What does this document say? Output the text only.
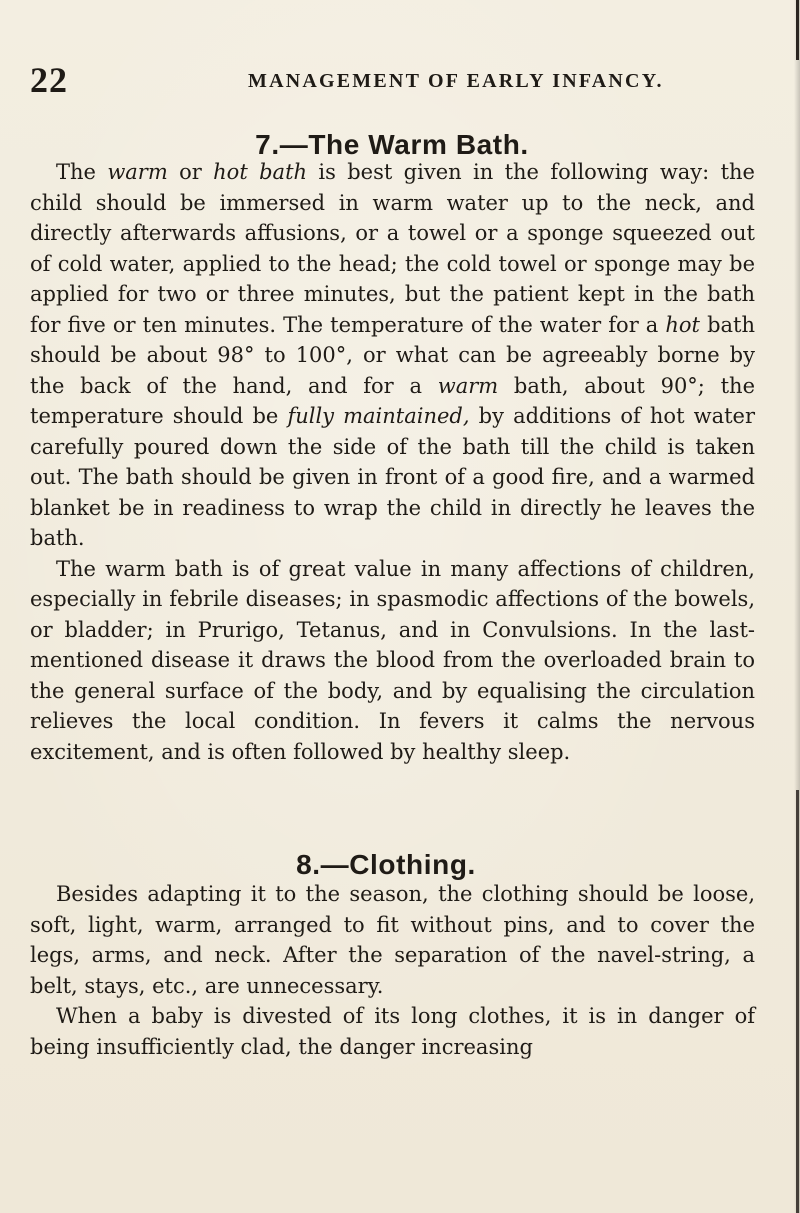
22	MANAGEMENT OF EARLY INFANCY.
7.—The Warm Bath.

The warm or hot bath is best given in the following way: the child should be immersed in warm water up to the neck, and directly afterwards affusions, or a towel or a sponge squeezed out of cold water, applied to the head; the cold towel or sponge may be applied for two or three minutes, but the patient kept in the bath for five or ten minutes. The temperature of the water for a hot bath should be about 98° to 100°, or what can be agreeably borne by the back of the hand, and for a warm bath, about 90°; the temperature should be fully maintained, by additions of hot water carefully poured down the side of the bath till the child is taken out. The bath should be given in front of a good fire, and a warmed blanket be in readiness to wrap the child in directly he leaves the bath.

The warm bath is of great value in many affections of children, especially in febrile diseases; in spasmodic affections of the bowels, or bladder; in Prurigo, Tetanus, and in Convulsions. In the last-mentioned disease it draws the blood from the overloaded brain to the general surface of the body, and by equalising the circulation relieves the local condition. In fevers it calms the nervous excitement, and is often followed by healthy sleep.

8.—Clothing.

Besides adapting it to the season, the clothing should be loose, soft, light, warm, arranged to fit without pins, and to cover the legs, arms, and neck. After the separation of the navel-string, a belt, stays, etc., are unnecessary.

When a baby is divested of its long clothes, it is in danger of being insufficiently clad, the danger increasing
